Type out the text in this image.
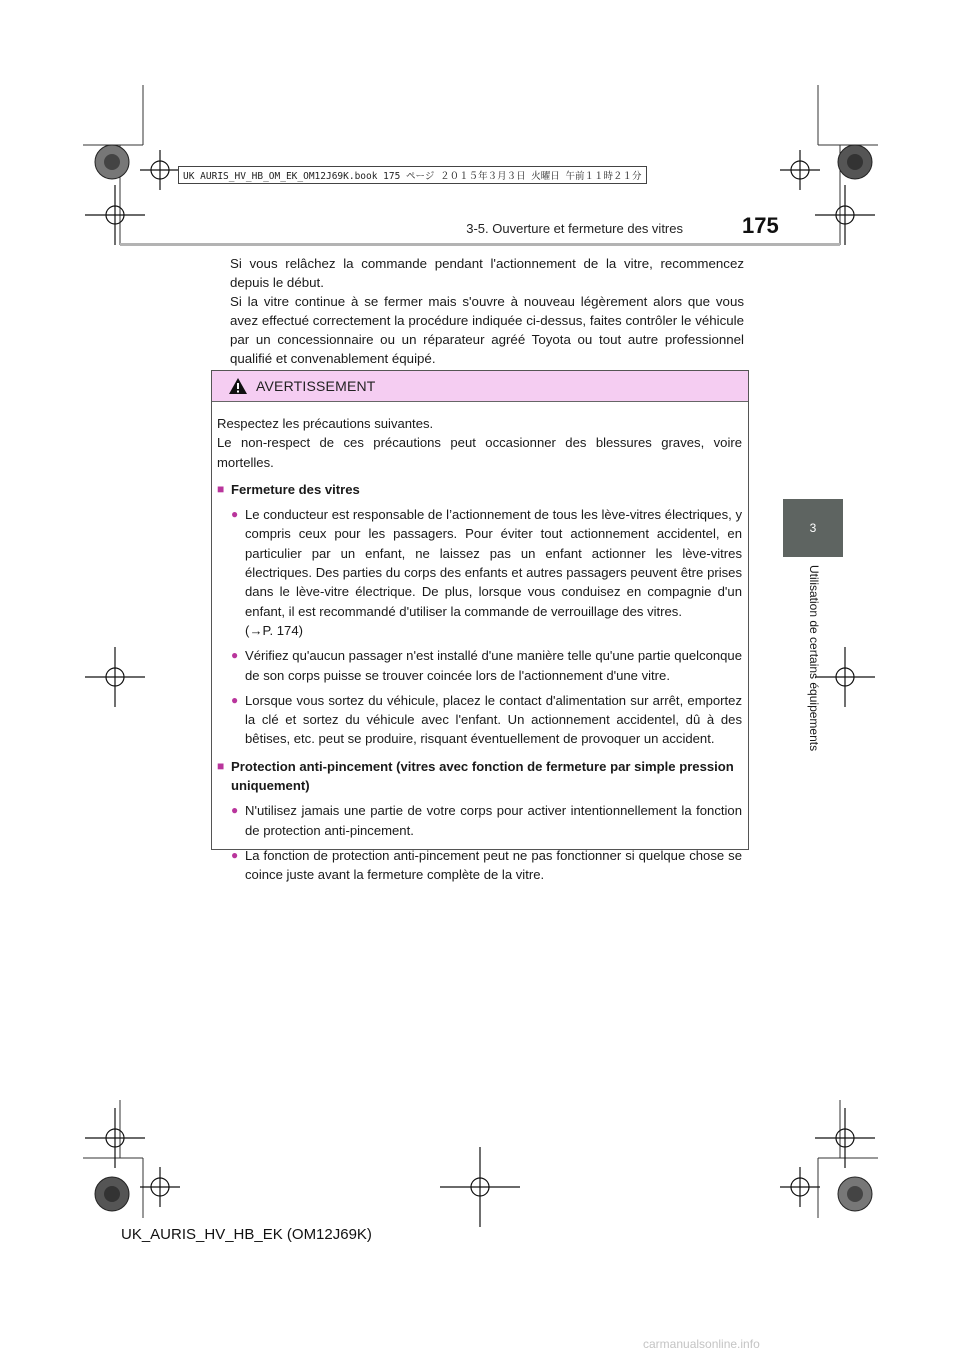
UK AURIS_HV_HB_OM_EK_OM12J69K.book 175 ページ ２０１５年３月３日 火曜日 午前１１時２１分
3-5. Ouverture et fermeture des vitres	175
3
Utilisation de certains équipements

Si vous relâchez la commande pendant l'actionnement de la vitre, recommencez depuis le début.

Si la vitre continue à se fermer mais s'ouvre à nouveau légèrement alors que vous avez effectué correctement la procédure indiquée ci-dessus, faites contrôler le véhicule par un concessionnaire ou un réparateur agréé Toyota ou tout autre professionnel qualifié et convenablement équipé.

AVERTISSEMENT

Respectez les précautions suivantes.

Le non-respect de ces précautions peut occasionner des blessures graves, voire mortelles.

■ Fermeture des vitres
● Le conducteur est responsable de l’actionnement de tous les lève-vitres électriques, y compris ceux pour les passagers. Pour éviter tout actionnement accidentel, en particulier par un enfant, ne laissez pas un enfant actionner les lève-vitres électriques. Des parties du corps des enfants et autres passagers peuvent être prises dans le lève-vitre électrique. De plus, lorsque vous conduisez en compagnie d'un enfant, il est recommandé d'utiliser la commande de verrouillage des vitres.
(→P. 174)
● Vérifiez qu'aucun passager n'est installé d'une manière telle qu'une partie quelconque de son corps puisse se trouver coincée lors de l'actionnement d'une vitre.
● Lorsque vous sortez du véhicule, placez le contact d'alimentation sur arrêt, emportez la clé et sortez du véhicule avec l'enfant. Un actionnement accidentel, dû à des bêtises, etc. peut se produire, risquant éventuellement de provoquer un accident.
■ Protection anti-pincement (vitres avec fonction de fermeture par simple pression uniquement)
● N'utilisez jamais une partie de votre corps pour activer intentionnellement la fonction de protection anti-pincement.
● La fonction de protection anti-pincement peut ne pas fonctionner si quelque chose se coince juste avant la fermeture complète de la vitre.
UK_AURIS_HV_HB_EK (OM12J69K)
carmanualsonline.info
